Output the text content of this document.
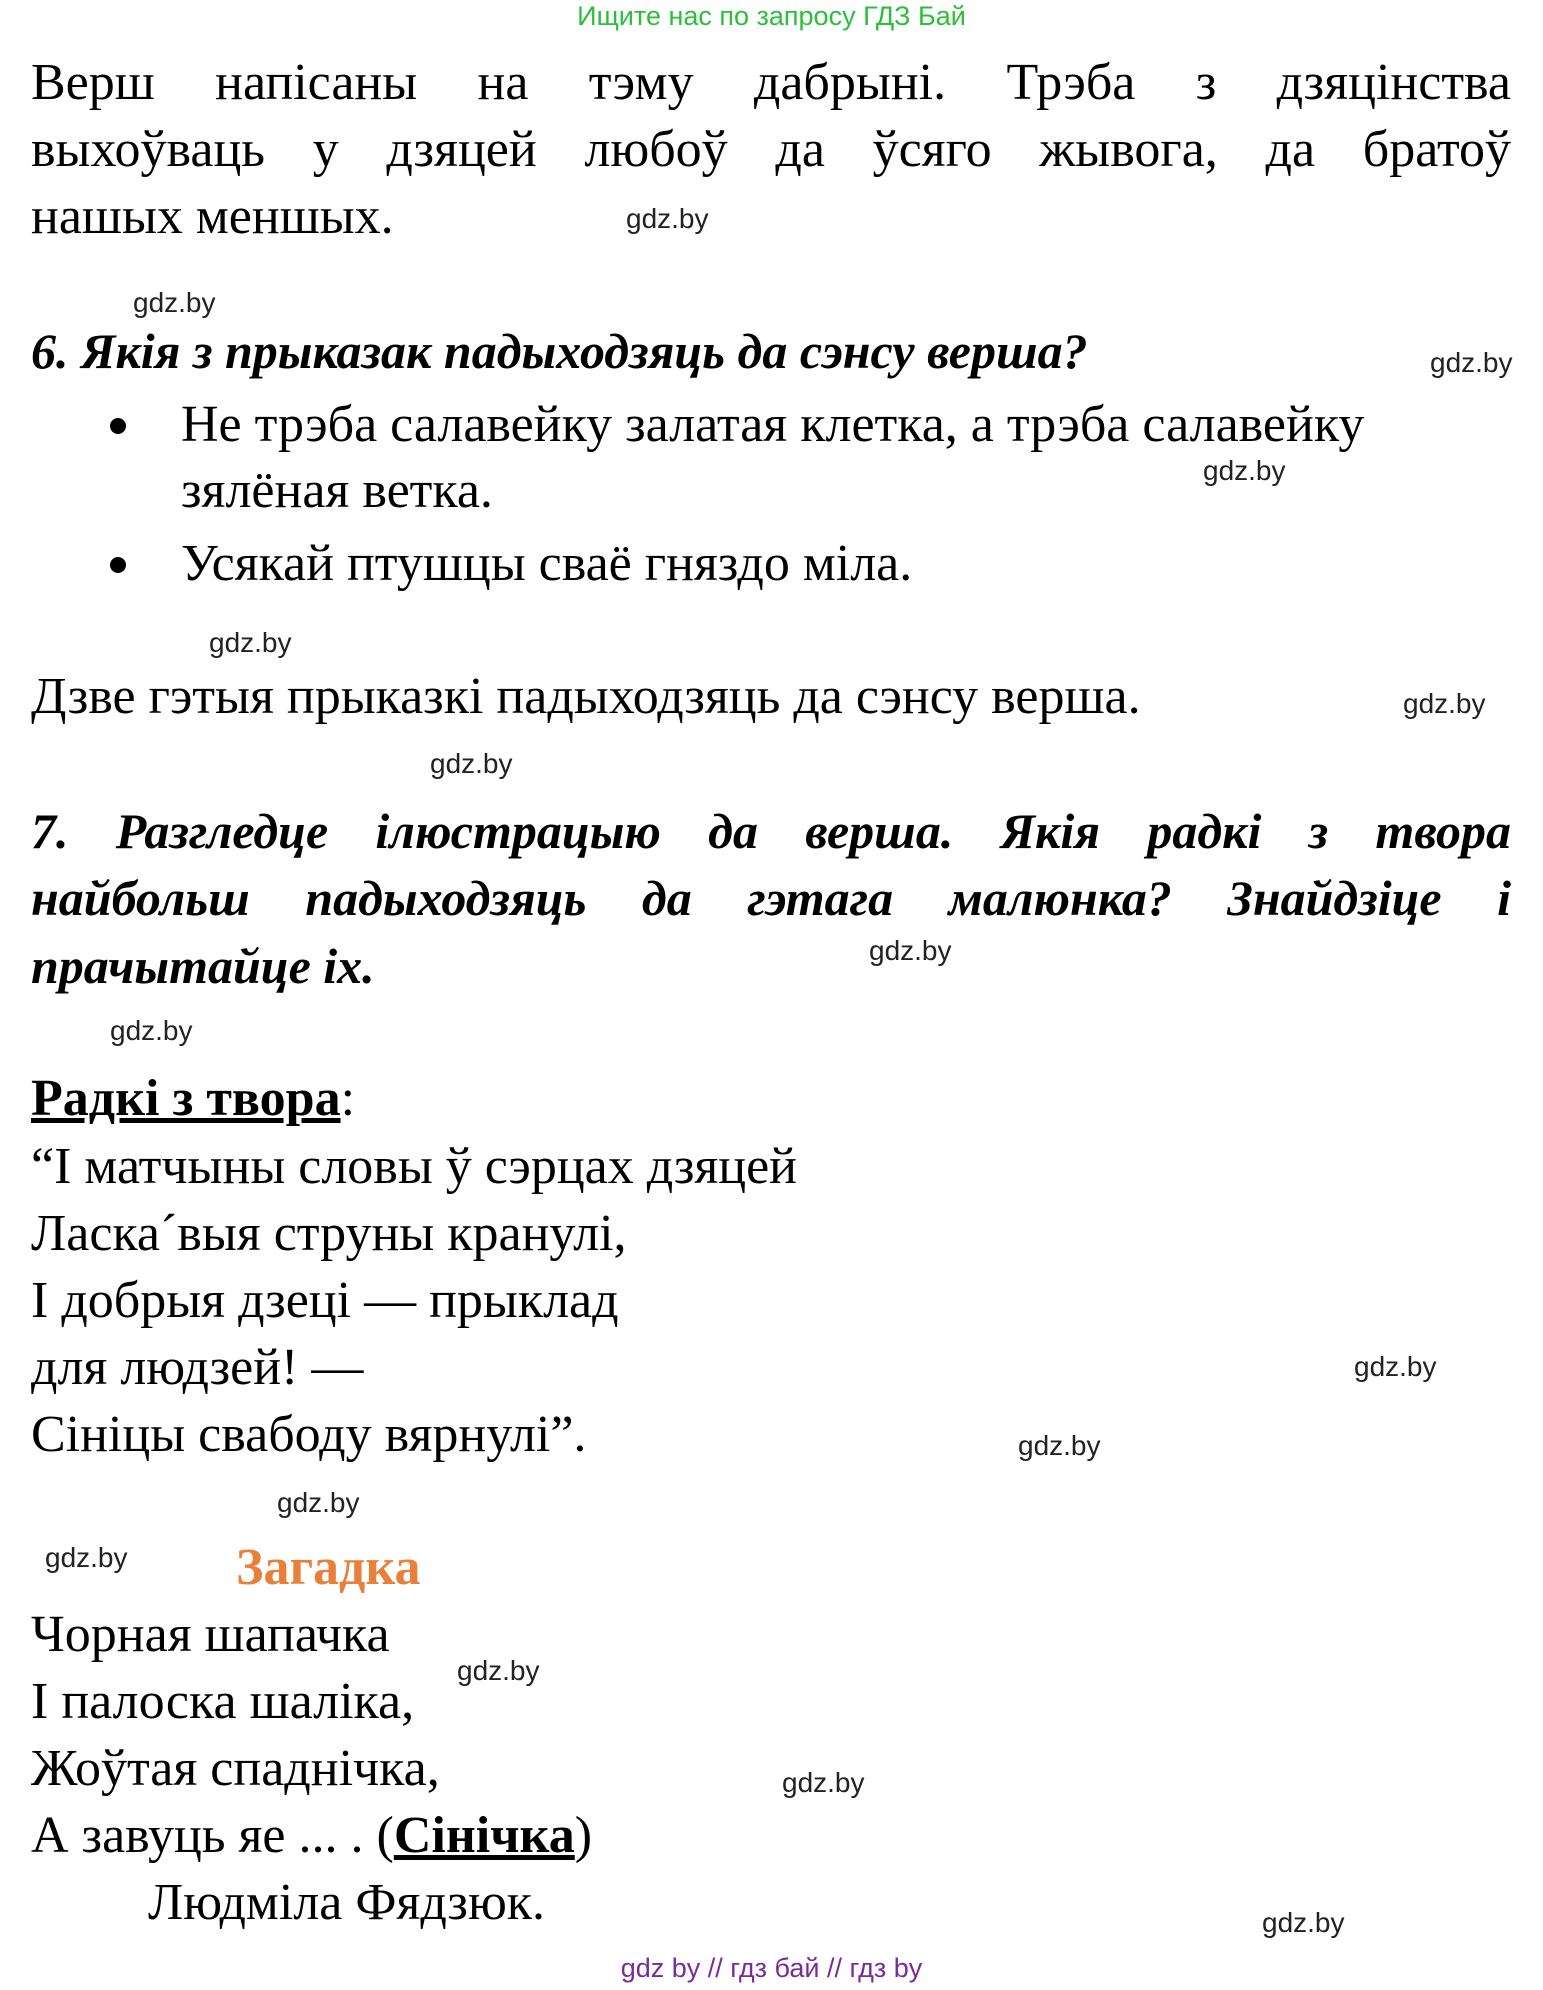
Ищите нас по запросу ГДЗ Бай
Верш напісаны на тэму дабрыні. Трэба з дзяцінства
выхоўваць у дзяцей любоў да ўсяго жывога, да братоў
нашых меншых.
6. Якія з прыказак падыходзяць да сэнсу верша?
Не трэба салавейку залатая клетка, а трэба салавейку
зялёная ветка.
Усякай птушцы сваё гняздо міла.
Дзве гэтыя прыказкі падыходзяць да сэнсу верша.
7. Разгледце ілюстрацыю да верша. Якія радкі з твора
найбольш падыходзяць да гэтага малюнка? Знайдзіце і
прачытайце іх.
Радкі з твора:
“І матчыны словы ў сэрцах дзяцей
Ласка´выя струны кранулі,
І добрыя дзеці — прыклад
для людзей! —
Сініцы свабоду вярнулі”.
Загадка
Чорная шапачка
І палоска шаліка,
Жоўтая спаднічка,
А завуць яе ... . (Сінічка)
Людміла Фядзюк.
gdz.by
gdz.by
gdz.by
gdz.by
gdz.by
gdz.by
gdz.by
gdz.by
gdz.by
gdz.by
gdz.by
gdz.by
gdz.by
gdz.by
gdz.by
gdz.by
gdz by // гдз бай // гдз by
